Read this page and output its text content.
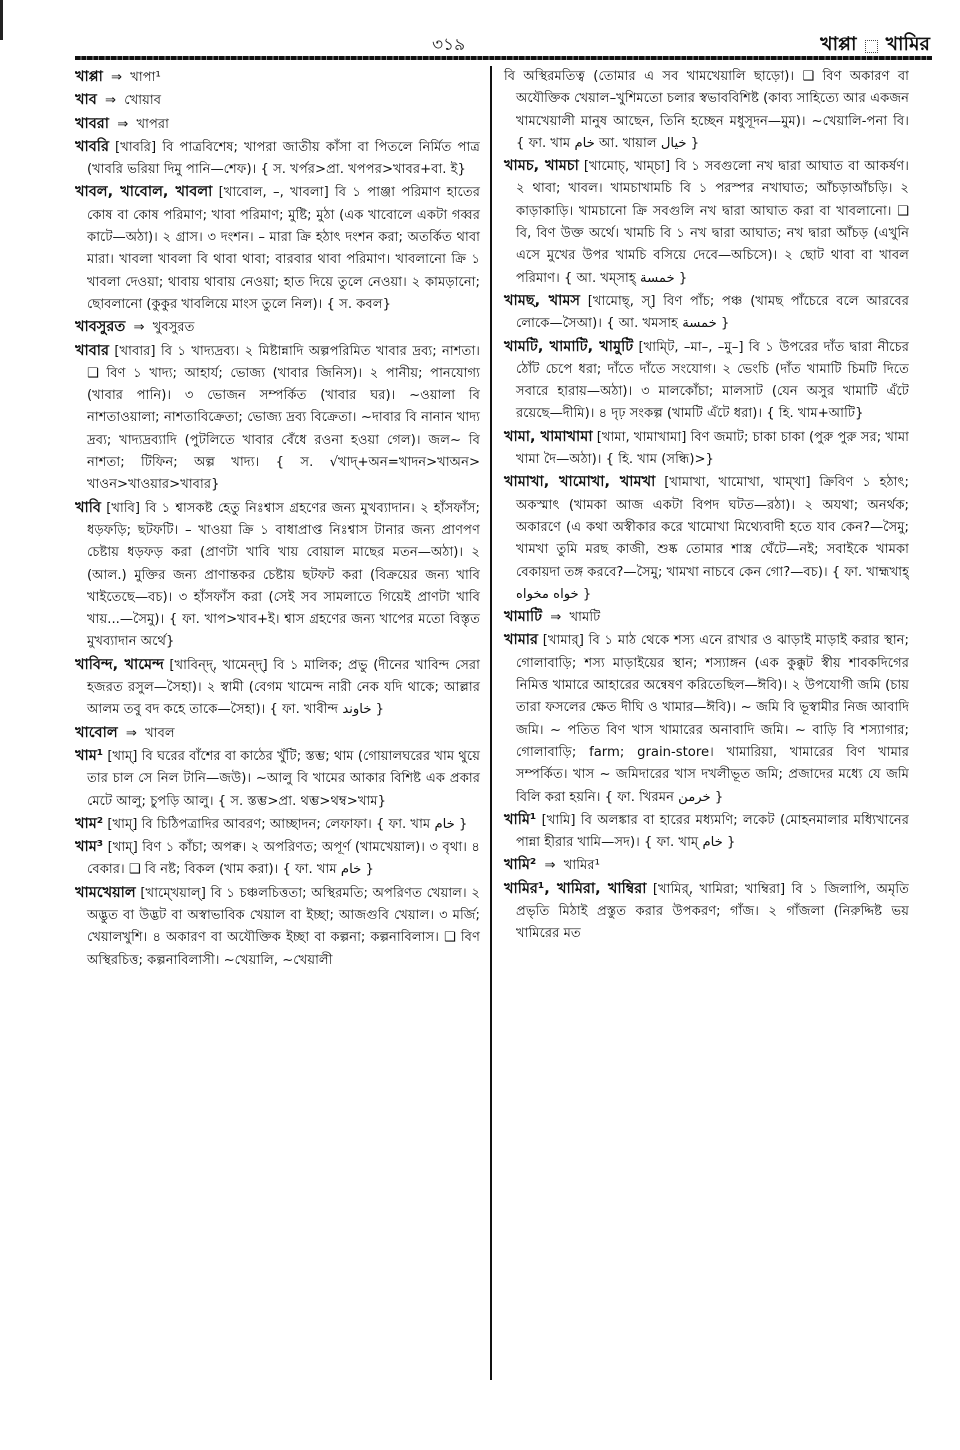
৩১৯	খাপ্পা খামির

খাপ্পা ⇒ খাপা¹

খাব ⇒ খোয়াব

খাবরা ⇒ খাপরা

খাবরি [খাবরি] বি পাত্রবিশেষ; খাপরা জাতীয় কাঁসা বা পিতলে নির্মিত পাত্র (খাবরি ভরিয়া দিমু পানি—শেফ)। { স. খর্পর>প্রা. খপপর>খাবর+বা. ই}

খাবল, খাবোল, খাবলা [খাবোল, –, খাবলা] বি ১ পাঞ্জা পরিমাণ হাতের কোষ বা কোষ পরিমাণ; খাবা পরিমাণ; মুষ্টি; মুঠা (এক খাবোলে একটা গব্বর কাটে—অঠা)। ২ গ্রাস। ৩ দংশন। – মারা ক্রি হঠাৎ দংশন করা; অতর্কিত থাবা মারা। খাবলা খাবলা বি থাবা থাবা; বারবার থাবা পরিমাণ। খাবলানো ক্রি ১ খাবলা দেওয়া; থাবায় থাবায় নেওয়া; হাত দিয়ে তুলে নেওয়া। ২ কামড়ানো; ছোবলানো (কুকুর খাবলিয়ে মাংস তুলে নিল)। { স. কবল}

খাবসুরত ⇒ খুবসুরত

খাবার [খাবার] বি ১ খাদ্যদ্রব্য। ২ মিষ্টান্নাদি অল্পপরিমিত খাবার দ্রব্য; নাশতা। ❑ বিণ ১ খাদ্য; আহার্য; ভোজ্য (খাবার জিনিস)। ২ পানীয়; পানযোগ্য (খাবার পানি)। ৩ ভোজন সম্পর্কিত (খাবার ঘর)। ~ওয়ালা বি নাশতাওয়ালা; নাশতাবিক্রেতা; ভোজ্য দ্রব্য বিক্রেতা। ~দাবার বি নানান খাদ্য দ্রব্য; খাদ্যদ্রব্যাদি (পুটলিতে খাবার বেঁধে রওনা হওয়া গেল)। জল~ বি নাশতা; টিফিন; অল্প খাদ্য। { স. √খাদ্+অন=খাদন>খাঅন> খাওন>খাওয়ার>খাবার}

খাবি [খাবি] বি ১ শ্বাসকষ্ট হেতু নিঃশ্বাস গ্রহণের জন্য মুখব্যাদান। ২ হাঁসফাঁস; ধড়ফড়ি; ছটফটি। – খাওয়া ক্রি ১ বাধাপ্রাপ্ত নিঃশ্বাস টানার জন্য প্রাণপণ চেষ্টায় ধড়ফড় করা (প্রাণটা খাবি খায় বোয়াল মাছের মতন—অঠা)। ২ (আল.) মুক্তির জন্য প্রাণান্তকর চেষ্টায় ছটফট করা (বিক্রয়ের জন্য খাবি খাইতেছে—বচ)। ৩ হাঁসফাঁস করা (সেই সব সামলাতে গিয়েই প্রাণটা খাবি খায়...—সৈমু)। { ফা. খাপ>খাব+ই। শ্বাস গ্রহণের জন্য খাপের মতো বিস্তৃত মুখব্যাদান অর্থে}

খাবিন্দ, খামেন্দ [খাবিন্দ্, খামেন্দ্] বি ১ মালিক; প্রভু (দীনের খাবিন্দ সেরা হজরত রসুল—সৈহা)। ২ স্বামী (বেগম খামেন্দ নারী নেক যদি থাকে; আল্লার আলম তবু বদ কহে তাকে—সৈহা)। { ফা. খাবীন্দ خاوند }

খাবোল ⇒ খাবল

খাম¹ [খাম্] বি ঘরের বাঁশের বা কাঠের খুঁটি; স্তম্ভ; থাম (গোয়ালঘরের খাম থুয়ে তার চাল সে নিল টানি—জউ)। ~আলু বি খামের আকার বিশিষ্ট এক প্রকার মেটে আলু; চুপড়ি আলু। { স. স্তম্ভ>প্রা. থম্ভ>থম্ব>খাম}

খাম² [খাম্] বি চিঠিপত্রাদির আবরণ; আচ্ছাদন; লেফাফা। { ফা. খাম خام }

খাম³ [খাম্] বিণ ১ কাঁচা; অপক্ব। ২ অপরিণত; অপূর্ণ (খামখেয়াল)। ৩ বৃথা। ৪ বেকার। ❑ বি নষ্ট; বিকল (খাম করা)। { ফা. খাম خام }

খামখেয়াল [খাম্খেয়াল্] বি ১ চঞ্চলচিত্ততা; অস্থিরমতি; অপরিণত খেয়াল। ২ অদ্ভুত বা উদ্ভট বা অস্বাভাবিক খেয়াল বা ইচ্ছা; আজগুবি খেয়াল। ৩ মর্জি; খেয়ালখুশি। ৪ অকারণ বা অযৌক্তিক ইচ্ছা বা কল্পনা; কল্পনাবিলাস। ❑ বিণ অস্থিরচিত্ত; কল্পনাবিলাসী। ~খেয়ালি, ~খেয়ালী

বি অস্থিরমতিত্ব (তোমার এ সব খামখেয়ালি ছাড়ো)। ❑ বিণ অকারণ বা অযৌক্তিক খেয়াল–খুশিমতো চলার স্বভাববিশিষ্ট (কাব্য সাহিত্যে আর একজন খামখেয়ালী মানুষ আছেন, তিনি হচ্ছেন মধুসূদন—মুম)। ~খেয়ালি-পনা বি। { ফা. খাম خام আ. খায়াল خیال }

খামচ, খামচা [খামোচ্, খাম্চা] বি ১ সবগুলো নখ দ্বারা আঘাত বা আকর্ষণ। ২ থাবা; খাবল। খামচাখামচি বি ১ পরস্পর নখাঘাত; আঁচড়াআঁচড়ি। ২ কাড়াকাড়ি। খামচানো ক্রি সবগুলি নখ দ্বারা আঘাত করা বা খাবলানো। ❑ বি, বিণ উক্ত অর্থে। খামচি বি ১ নখ দ্বারা আঘাত; নখ দ্বারা আঁচড় (এখুনি এসে মুখের উপর খামচি বসিয়ে দেবে—অচিসে)। ২ ছোট থাবা বা খাবল পরিমাণ। { আ. খম্সাহ্ خمسة }

খামছ, খামস [খামোছ্, স্] বিণ পাঁচ; পঞ্চ (খামছ পাঁচেরে বলে আরবের লোকে—সৈআ)। { আ. খমসাহ خمسة }

খামটি, খামাটি, খামুটি [খাম্টি, –মা–, –মু–] বি ১ উপরের দাঁত দ্বারা নীচের ঠোঁট চেপে ধরা; দাঁতে দাঁতে সংযোগ। ২ ভেংচি (দাঁত খামাটি চিমটি দিতে সবারে হারায়—অঠা)। ৩ মালকোঁচা; মালসাট (যেন অসুর খামাটি এঁটে রয়েছে—দীমি)। ৪ দৃঢ় সংকল্প (খামটি এঁটে ধরা)। { হি. খাম+আটি}

খামা, খামাখামা [খামা, খামাখামা] বিণ জমাট; চাকা চাকা (পুরু পুরু সর; খামা খামা দৈ—অঠা)। { হি. খাম (সন্ধি)>}

খামাখা, খামোখা, খামখা [খামাখা, খামোখা, খাম্খা] ক্রিবিণ ১ হঠাৎ; অকস্মাৎ (খামকা আজ একটা বিপদ ঘটত—রঠা)। ২ অযথা; অনর্থক; অকারণে (এ কথা অস্বীকার করে খামোখা মিথ্যেবাদী হতে যাব কেন?—সৈমু; খামখা তুমি মরছ কাজী, শুষ্ক তোমার শাস্ত্র ঘেঁটে—নই; সবাইকে খামকা বেকায়দা তঙ্গ করবে?—সৈমু; খামখা নাচবে কেন গো?—বচ)। { ফা. খাহ্মখাহ্ خواه مخواه }

খামাটি ⇒ খামটি

খামার [খামার্] বি ১ মাঠ থেকে শস্য এনে রাখার ও ঝাড়াই মাড়াই করার স্থান; গোলাবাড়ি; শস্য মাড়াইয়ের স্থান; শস্যাঙ্গন (এক কুক্কুট স্বীয় শাবকদিগের নিমিত্ত খামারে আহারের অন্বেষণ করিতেছিল—ঈবি)। ২ উপযোগী জমি (চায় তারা ফসলের ক্ষেত দীঘি ও খামার—ঈবি)। ~ জমি বি ভূস্বামীর নিজ আবাদি জমি। ~ পতিত বিণ খাস খামারের অনাবাদি জমি। ~ বাড়ি বি শস্যাগার; গোলাবাড়ি; farm; grain-store। খামারিয়া, খামারের বিণ খামার সম্পর্কিত। খাস ~ জমিদারের খাস দখলীভূত জমি; প্রজাদের মধ্যে যে জমি বিলি করা হয়নি। { ফা. খিরমন خرمن }

খামি¹ [খামি] বি অলঙ্কার বা হারের মধ্যমণি; লকেট (মোহনমালার মধ্যিখানের পান্না হীরার খামি—সদ)। { ফা. খাম্ خام }

খামি² ⇒ খামির¹

খামির¹, খামিরা, খাম্বিরা [খামির্, খামিরা; খাম্বিরা] বি ১ জিলাপি, অমৃতি প্রভৃতি মিঠাই প্রস্তুত করার উপকরণ; গাঁজ। ২ গাঁজলা (নিরুদ্দিষ্ট ভয় খামিরের মত
